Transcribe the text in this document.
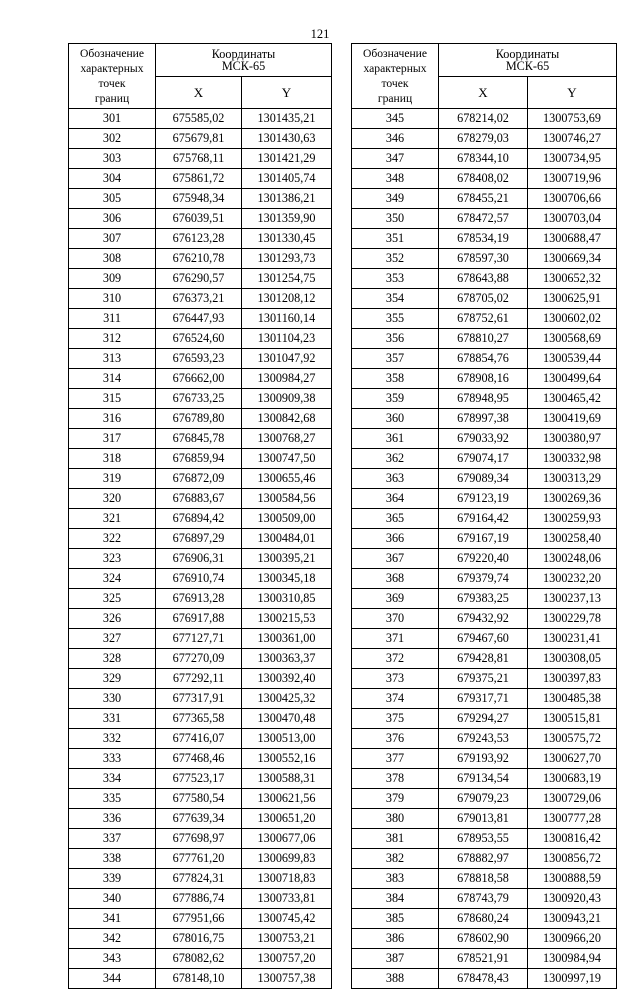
121
Обозначение
характерных
точек
границ	Координаты
МСК-65	

	X	Y
301	675585,02	1301435,21
302	675679,81	1301430,63
303	675768,11	1301421,29
304	675861,72	1301405,74
305	675948,34	1301386,21
306	676039,51	1301359,90
307	676123,28	1301330,45
308	676210,78	1301293,73
309	676290,57	1301254,75
310	676373,21	1301208,12
311	676447,93	1301160,14
312	676524,60	1301104,23
313	676593,23	1301047,92
314	676662,00	1300984,27
315	676733,25	1300909,38
316	676789,80	1300842,68
317	676845,78	1300768,27
318	676859,94	1300747,50
319	676872,09	1300655,46
320	676883,67	1300584,56
321	676894,42	1300509,00
322	676897,29	1300484,01
323	676906,31	1300395,21
324	676910,74	1300345,18
325	676913,28	1300310,85
326	676917,88	1300215,53
327	677127,71	1300361,00
328	677270,09	1300363,37
329	677292,11	1300392,40
330	677317,91	1300425,32
331	677365,58	1300470,48
332	677416,07	1300513,00
333	677468,46	1300552,16
334	677523,17	1300588,31
335	677580,54	1300621,56
336	677639,34	1300651,20
337	677698,97	1300677,06
338	677761,20	1300699,83
339	677824,31	1300718,83
340	677886,74	1300733,81
341	677951,66	1300745,42
342	678016,75	1300753,21
343	678082,62	1300757,20
344	678148,10	1300757,38
Обозначение
характерных
точек
границ	Координаты
МСК-65	

	X	Y
345	678214,02	1300753,69
346	678279,03	1300746,27
347	678344,10	1300734,95
348	678408,02	1300719,96
349	678455,21	1300706,66
350	678472,57	1300703,04
351	678534,19	1300688,47
352	678597,30	1300669,34
353	678643,88	1300652,32
354	678705,02	1300625,91
355	678752,61	1300602,02
356	678810,27	1300568,69
357	678854,76	1300539,44
358	678908,16	1300499,64
359	678948,95	1300465,42
360	678997,38	1300419,69
361	679033,92	1300380,97
362	679074,17	1300332,98
363	679089,34	1300313,29
364	679123,19	1300269,36
365	679164,42	1300259,93
366	679167,19	1300258,40
367	679220,40	1300248,06
368	679379,74	1300232,20
369	679383,25	1300237,13
370	679432,92	1300229,78
371	679467,60	1300231,41
372	679428,81	1300308,05
373	679375,21	1300397,83
374	679317,71	1300485,38
375	679294,27	1300515,81
376	679243,53	1300575,72
377	679193,92	1300627,70
378	679134,54	1300683,19
379	679079,23	1300729,06
380	679013,81	1300777,28
381	678953,55	1300816,42
382	678882,97	1300856,72
383	678818,58	1300888,59
384	678743,79	1300920,43
385	678680,24	1300943,21
386	678602,90	1300966,20
387	678521,91	1300984,94
388	678478,43	1300997,19
